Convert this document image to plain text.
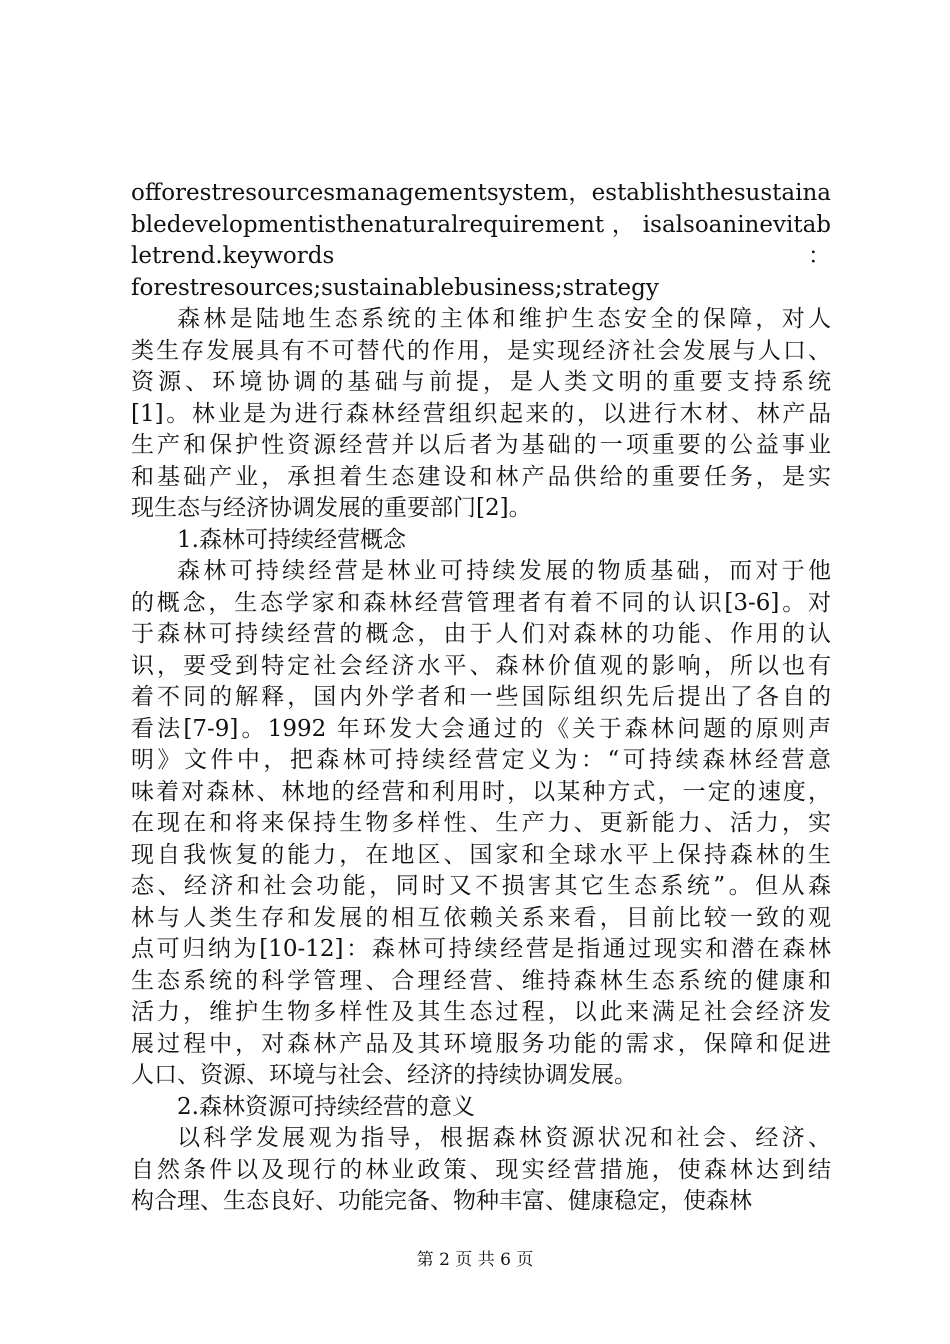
offorestresourcesmanagementsystem，establishthesustaina
bledevelopmentisthenaturalrequirement，isalsoaninevitab
letrend.keywords	：
forestresources;sustainablebusiness;strategy
森林是陆地生态系统的主体和维护生态安全的保障，对人
类生存发展具有不可替代的作用，是实现经济社会发展与人口、
资源、环境协调的基础与前提，是人类文明的重要支持系统
[1]。林业是为进行森林经营组织起来的，以进行木材、林产品
生产和保护性资源经营并以后者为基础的一项重要的公益事业
和基础产业，承担着生态建设和林产品供给的重要任务，是实
现生态与经济协调发展的重要部门[2]。
1.森林可持续经营概念
森林可持续经营是林业可持续发展的物质基础，而对于他
的概念，生态学家和森林经营管理者有着不同的认识[3-6]。对
于森林可持续经营的概念，由于人们对森林的功能、作用的认
识，要受到特定社会经济水平、森林价值观的影响，所以也有
着不同的解释，国内外学者和一些国际组织先后提出了各自的
看法[7-9]。1992 年环发大会通过的《关于森林问题的原则声
明》文件中，把森林可持续经营定义为：“可持续森林经营意
味着对森林、林地的经营和利用时，以某种方式，一定的速度，
在现在和将来保持生物多样性、生产力、更新能力、活力，实
现自我恢复的能力，在地区、国家和全球水平上保持森林的生
态、经济和社会功能，同时又不损害其它生态系统”。但从森
林与人类生存和发展的相互依赖关系来看，目前比较一致的观
点可归纳为[10-12]：森林可持续经营是指通过现实和潜在森林
生态系统的科学管理、合理经营、维持森林生态系统的健康和
活力，维护生物多样性及其生态过程，以此来满足社会经济发
展过程中，对森林产品及其环境服务功能的需求，保障和促进
人口、资源、环境与社会、经济的持续协调发展。
2.森林资源可持续经营的意义
以科学发展观为指导，根据森林资源状况和社会、经济、
自然条件以及现行的林业政策、现实经营措施，使森林达到结
构合理、生态良好、功能完备、物种丰富、健康稳定，使森林
第 2 页 共 6 页
